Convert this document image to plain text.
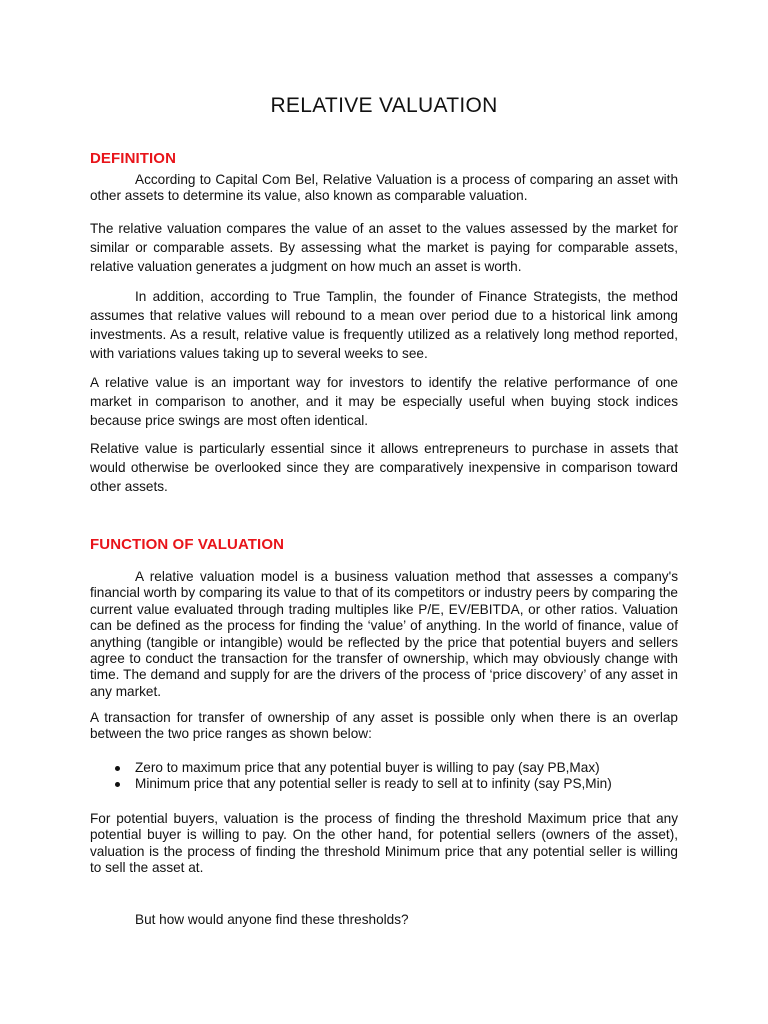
RELATIVE VALUATION
DEFINITION

According to Capital Com Bel, Relative Valuation is a process of comparing an asset with other assets to determine its value, also known as comparable valuation.

The relative valuation compares the value of an asset to the values assessed by the market for similar or comparable assets. By assessing what the market is paying for comparable assets, relative valuation generates a judgment on how much an asset is worth.

In addition, according to True Tamplin, the founder of Finance Strategists, the method assumes that relative values will rebound to a mean over period due to a historical link among investments. As a result, relative value is frequently utilized as a relatively long method reported, with variations values taking up to several weeks to see.

A relative value is an important way for investors to identify the relative performance of one market in comparison to another, and it may be especially useful when buying stock indices because price swings are most often identical.

Relative value is particularly essential since it allows entrepreneurs to purchase in assets that would otherwise be overlooked since they are comparatively inexpensive in comparison toward other assets.

FUNCTION OF VALUATION

A relative valuation model is a business valuation method that assesses a company's financial worth by comparing its value to that of its competitors or industry peers by comparing the current value evaluated through trading multiples like P/E, EV/EBITDA, or other ratios. Valuation can be defined as the process for finding the ‘value’ of anything. In the world of finance, value of anything (tangible or intangible) would be reflected by the price that potential buyers and sellers agree to conduct the transaction for the transfer of ownership, which may obviously change with time. The demand and supply for are the drivers of the process of ‘price discovery’ of any asset in any market.

A transaction for transfer of ownership of any asset is possible only when there is an overlap between the two price ranges as shown below:

Zero to maximum price that any potential buyer is willing to pay (say PB,Max)
Minimum price that any potential seller is ready to sell at to infinity (say PS,Min)

For potential buyers, valuation is the process of finding the threshold Maximum price that any potential buyer is willing to pay. On the other hand, for potential sellers (owners of the asset), valuation is the process of finding the threshold Minimum price that any potential seller is willing to sell the asset at.

But how would anyone find these thresholds?
